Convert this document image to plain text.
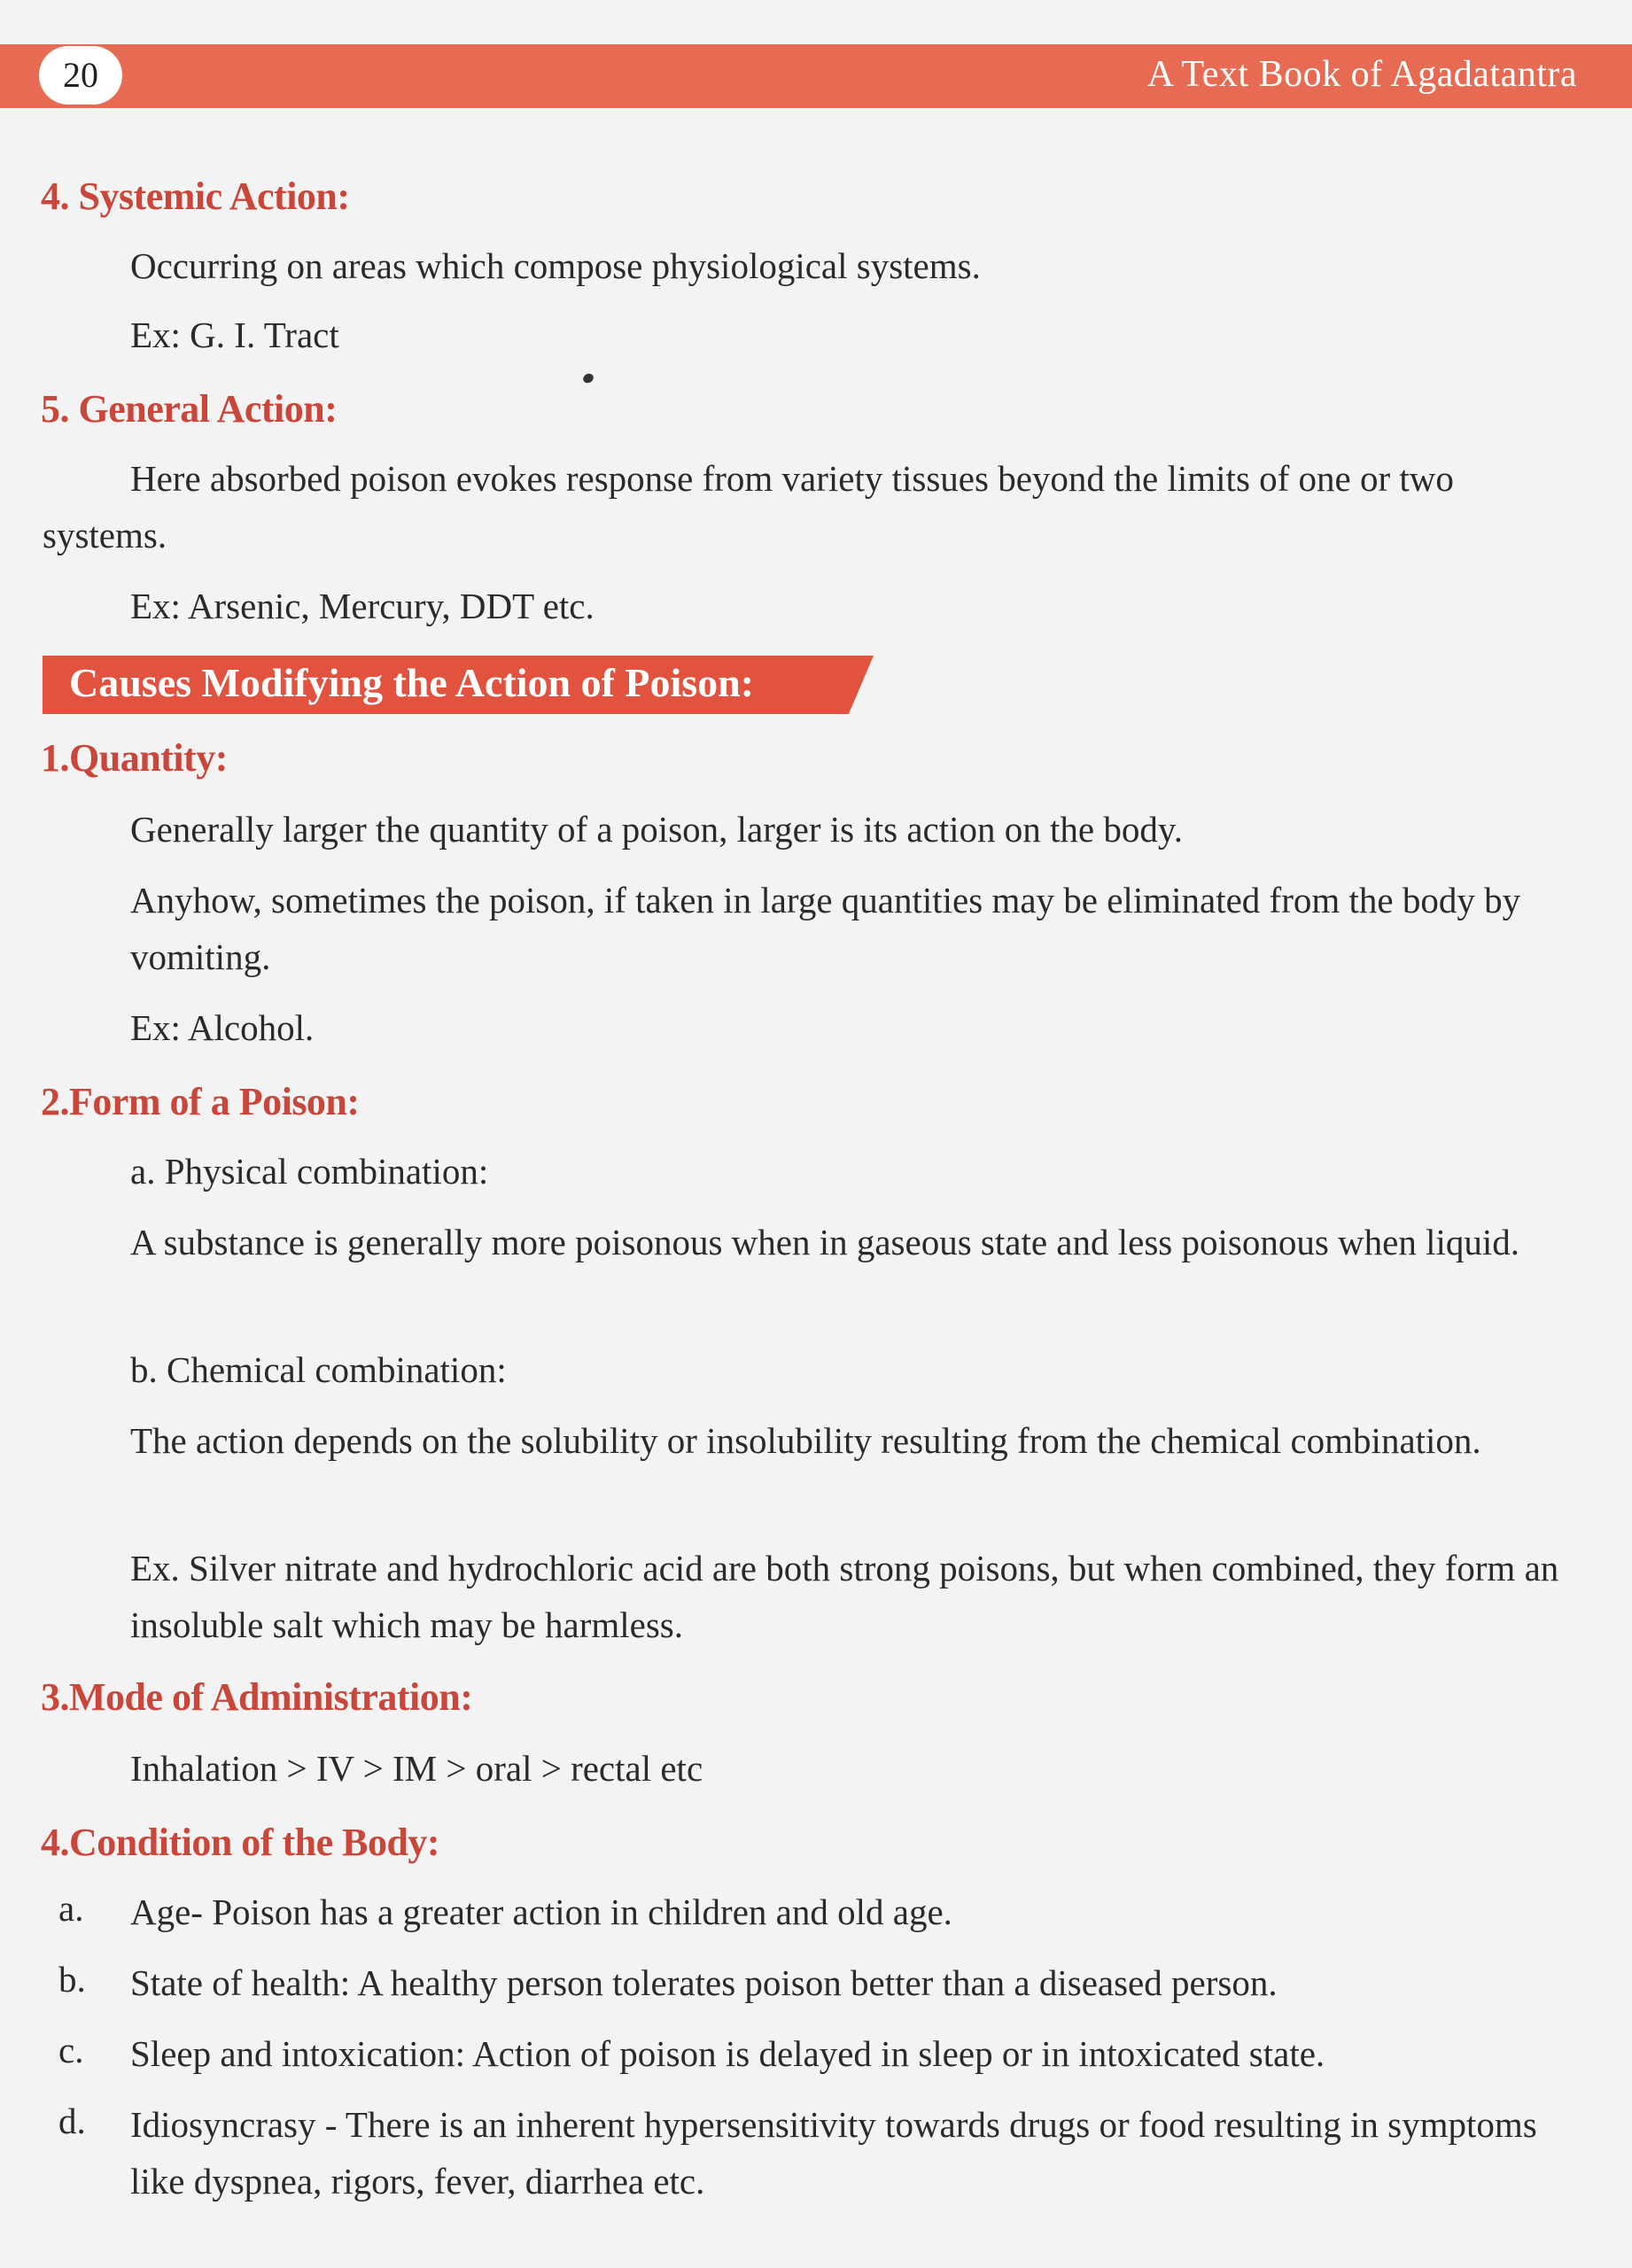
20	A Text Book of Agadatantra
4. Systemic Action:

Occurring on areas which compose physiological systems.

Ex: G. I. Tract

5. General Action:

Here absorbed poison evokes response from variety tissues beyond the limits of one or two systems.

Ex: Arsenic, Mercury, DDT etc.

Causes Modifying the Action of Poison:
1.Quantity:

Generally larger the quantity of a poison, larger is its action on the body.

Anyhow, sometimes the poison, if taken in large quantities may be eliminated from the body by vomiting.

Ex: Alcohol.

2.Form of a Poison:

a. Physical combination:

A substance is generally more poisonous when in gaseous state and less poisonous when liquid.

b. Chemical combination:

The action depends on the solubility or insolubility resulting from the chemical combination.

Ex. Silver nitrate and hydrochloric acid are both strong poisons, but when combined, they form an insoluble salt which may be harmless.

3.Mode of Administration:

Inhalation > IV > IM > oral > rectal etc

4.Condition of the Body:
a. Age- Poison has a greater action in children and old age.

b. State of health: A healthy person tolerates poison better than a diseased person.

c. Sleep and intoxication: Action of poison is delayed in sleep or in intoxicated state.

d. Idiosyncrasy - There is an inherent hypersensitivity towards drugs or food resulting in symptoms like dyspnea, rigors, fever, diarrhea etc.
